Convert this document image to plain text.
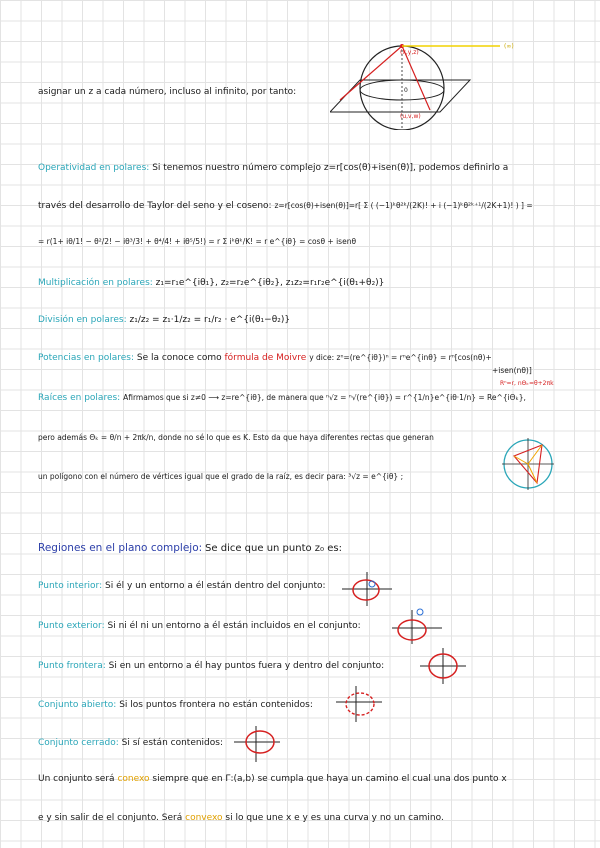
(x,y,z)
(u,v,w)
(∞)
0
asignar un z a cada número, incluso al infinito, por tanto:
Operatividad en polares: Si tenemos nuestro número complejo z=r[cos(θ)+isen(θ)], podemos definirlo a
través del desarrollo de Taylor del seno y el coseno: z=r[cos(θ)+isen(θ)]=r[ Σ ( (−1)ᵏθ²ᵏ/(2K)! + i (−1)ᵏθ²ᵏ⁺¹/(2K+1)! ) ] =
= r(1+ iθ/1! − θ²/2! − iθ³/3! + θ⁴/4! + iθ⁵/5!) = r Σ iᵏθᵏ/K! = r e^{iθ} = cosθ + isenθ
Multiplicación en polares: z₁=r₁e^{iθ₁}, z₂=r₂e^{iθ₂}, z₁z₂=r₁r₂e^{i(θ₁+θ₂)}
División en polares: z₁/z₂ = z₁·1/z₂ = r₁/r₂ · e^{i(θ₁−θ₂)}
Potencias en polares: Se la conoce como fórmula de Moivre y dice: zⁿ=(re^{iθ})ⁿ = rⁿe^{inθ} = rⁿ[cos(nθ)+
+isen(nθ)]
Raíces en polares: Afirmamos que si z≠0 ⟶ z=re^{iθ}, de manera que ⁿ√z = ⁿ√(re^{iθ}) = r^{1/n}e^{iθ·1/n} = Re^{iΘₖ},
Rⁿ=r, nΘₖ=θ+2πk
pero además Θₖ = θ/n + 2πk/n, donde no sé lo que es K. Esto da que haya diferentes rectas que generan
un polígono con el número de vértices igual que el grado de la raíz, es decir para: ³√z = e^{iθ} ;
Regiones en el plano complejo: Se dice que un punto z₀ es:
Punto interior: Si él y un entorno a él están dentro del conjunto:
Punto exterior: Si ni él ni un entorno a él están incluidos en el conjunto:
Punto frontera: Si en un entorno a él hay puntos fuera y dentro del conjunto:
Conjunto abierto: Si los puntos frontera no están contenidos:
Conjunto cerrado: Si sí están contenidos:
Un conjunto será conexo siempre que en Γ:(a,b) se cumpla que haya un camino el cual una dos punto x
e y sin salir de el conjunto. Será convexo si lo que une x e y es una curva y no un camino.
